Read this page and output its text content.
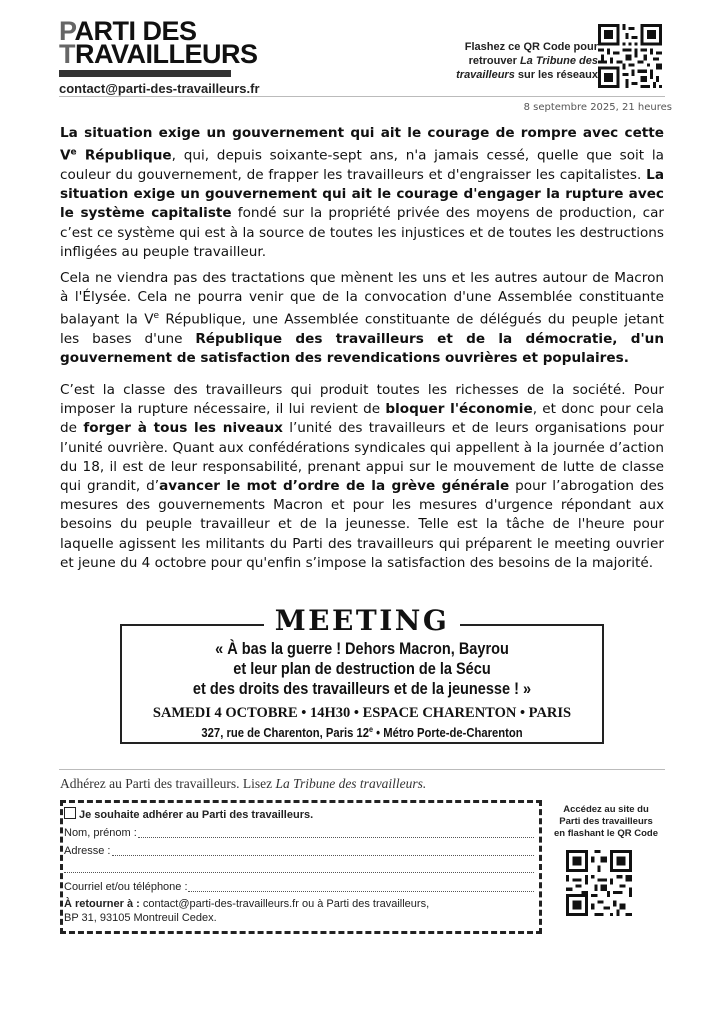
PARTI DES
TRAVAILLEURS
contact@parti-des-travailleurs.fr
Flashez ce QR Code pour
retrouver La Tribune des
travailleurs sur les réseaux
8 septembre 2025, 21 heures

La situation exige un gouvernement qui ait le courage de rompre avec cette Ve République, qui, depuis soixante-sept ans, n'a jamais cessé, quelle que soit la couleur du gouvernement, de frapper les travailleurs et d'engraisser les capitalistes. La situation exige un gouvernement qui ait le courage d'engager la rupture avec le système capitaliste fondé sur la propriété privée des moyens de production, car c’est ce système qui est à la source de toutes les injustices et de toutes les destructions infligées au peuple travailleur.

Cela ne viendra pas des tractations que mènent les uns et les autres autour de Macron à l'Élysée. Cela ne pourra venir que de la convocation d'une Assemblée constituante balayant la Ve République, une Assemblée constituante de délégués du peuple jetant les bases d'une République des travailleurs et de la démocratie, d'un gouvernement de satisfaction des revendications ouvrières et populaires.

C’est la classe des travailleurs qui produit toutes les richesses de la société. Pour imposer la rupture nécessaire, il lui revient de bloquer l'économie, et donc pour cela de forger à tous les niveaux l’unité des travailleurs et de leurs organisations pour l’unité ouvrière. Quant aux confédérations syndicales qui appellent à la journée d’action du 18, il est de leur responsabilité, prenant appui sur le mouvement de lutte de classe qui grandit, d’avancer le mot d’ordre de la grève générale pour l’abrogation des mesures des gouvernements Macron et pour les mesures d'urgence répondant aux besoins du peuple travailleur et de la jeunesse. Telle est la tâche de l'heure pour laquelle agissent les militants du Parti des travailleurs qui préparent le meeting ouvrier et jeune du 4 octobre pour qu'enfin s’impose la satisfaction des besoins de la majorité.

MEETING
« À bas la guerre ! Dehors Macron, Bayrou
et leur plan de destruction de la Sécu
et des droits des travailleurs et de la jeunesse ! »
SAMEDI 4 OCTOBRE • 14H30 • ESPACE CHARENTON • PARIS
327, rue de Charenton, Paris 12e • Métro Porte-de-Charenton
Adhérez au Parti des travailleurs. Lisez La Tribune des travailleurs.
Je souhaite adhérer au Parti des travailleurs.
Nom, prénom :
Adresse :
Courriel et/ou téléphone :
À retourner à : contact@parti-des-travailleurs.fr ou à Parti des travailleurs,
BP 31, 93105 Montreuil Cedex.
Accédez au site du
Parti des travailleurs
en flashant le QR Code
